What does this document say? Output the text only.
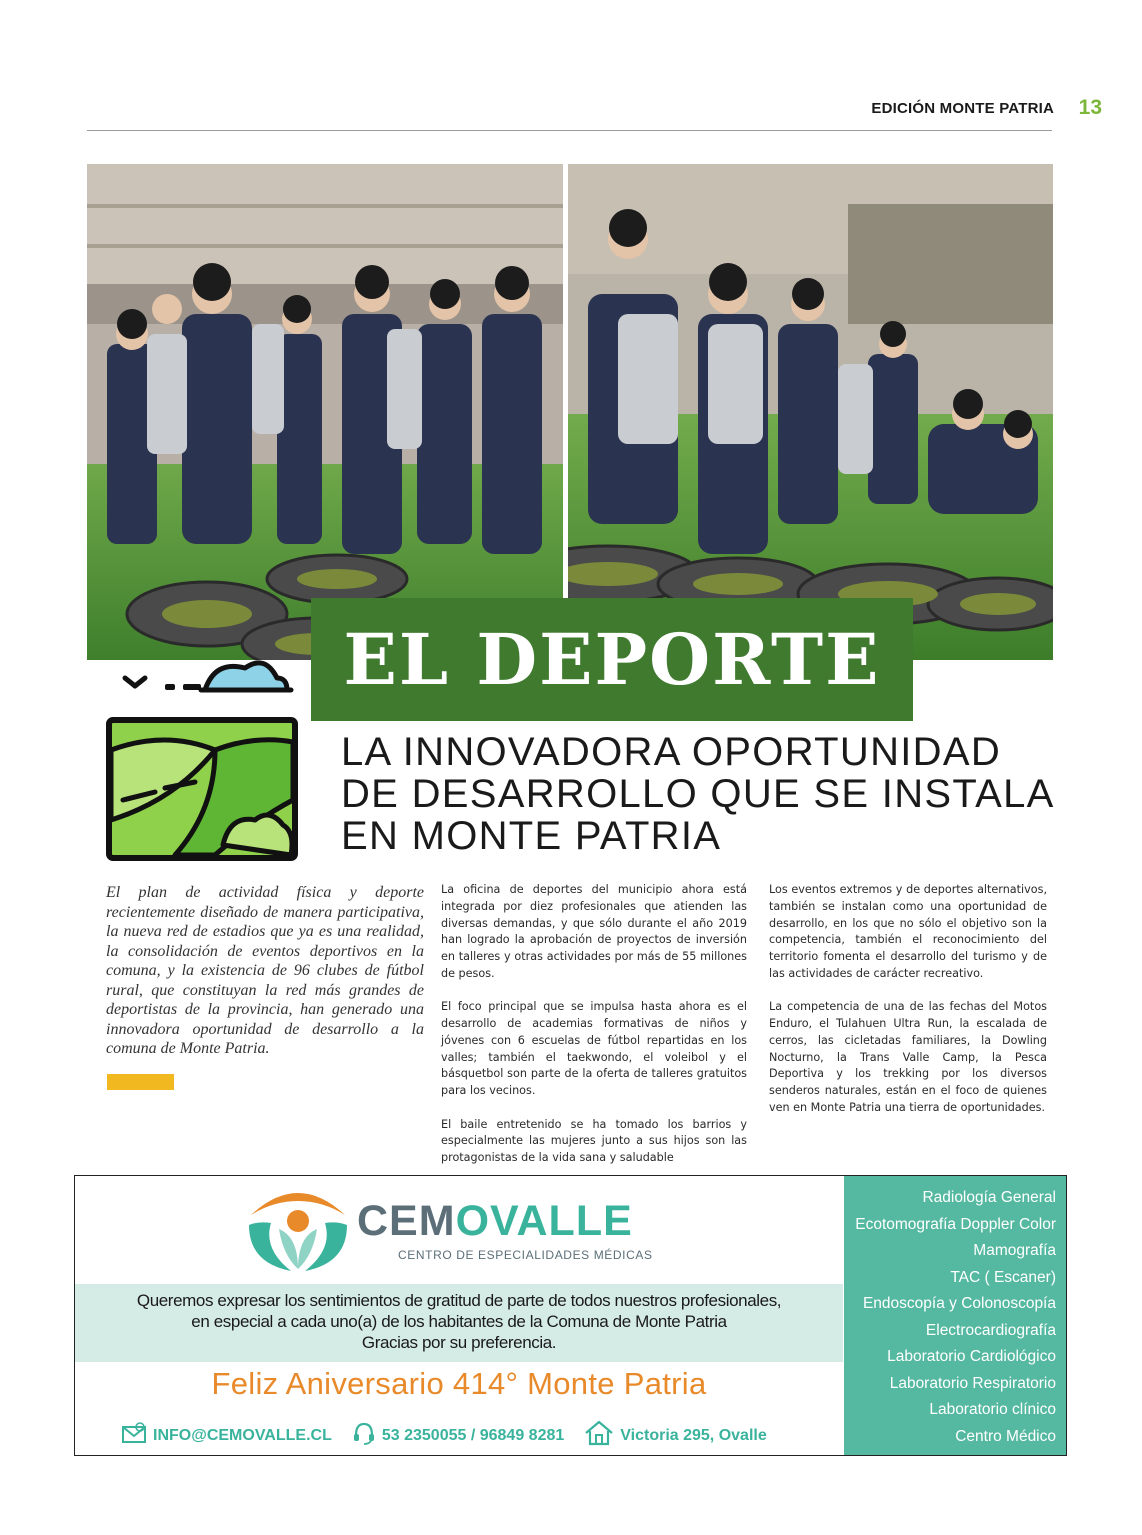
EDICIÓN MONTE PATRIA 13
EL DEPORTE
LA INNOVADORA OPORTUNIDAD
DE DESARROLLO QUE SE INSTALA
EN MONTE PATRIA
El plan de actividad física y deporte recientemente diseñado de manera participativa, la nueva red de estadios que ya es una realidad, la consolidación de eventos deportivos en la comuna, y la existencia de 96 clubes de fútbol rural, que constituyan la red más grandes de deportistas de la provincia, han generado una innovadora oportunidad de desarrollo a la comuna de Monte Patria.

La oficina de deportes del municipio ahora está integrada por diez profesionales que atienden las diversas demandas, y que sólo durante el año 2019 han logrado la aprobación de proyectos de inversión en talleres y otras actividades por más de 55 millones de pesos.

El foco principal que se impulsa hasta ahora es el desarrollo de academias formativas de niños y jóvenes con 6 escuelas de fútbol repartidas en los valles; también el taekwondo, el voleibol y el básquetbol son parte de la oferta de talleres gratuitos para los vecinos.

El baile entretenido se ha tomado los barrios y especialmente las mujeres junto a sus hijos son las protagonistas de la vida sana y saludable

Los eventos extremos y de deportes alternativos, también se instalan como una oportunidad de desarrollo, en los que no sólo el objetivo son la competencia, también el reconocimiento del territorio fomenta el desarrollo del turismo y de las actividades de carácter recreativo.

La competencia de una de las fechas del Motos Enduro, el Tulahuen Ultra Run, la escalada de cerros, las cicletadas familiares, la Dowling Nocturno, la Trans Valle Camp, la Pesca Deportiva y los trekking por los diversos senderos naturales, están en el foco de quienes ven en Monte Patria una tierra de oportunidades.

CEMOVALLE
CENTRO DE ESPECIALIDADES MÉDICAS
Queremos expresar los sentimientos de gratitud de parte de todos nuestros profesionales,
en especial a cada uno(a) de los habitantes de la Comuna de Monte Patria
Gracias por su preferencia.
Feliz Aniversario 414° Monte Patria
INFO@CEMOVALLE.CL	53 2350055 / 96849 8281	Victoria 295, Ovalle
Radiología General
Ecotomografía Doppler Color
Mamografía
TAC ( Escaner)
Endoscopía y Colonoscopía
Electrocardiografía
Laboratorio Cardiológico
Laboratorio Respiratorio
Laboratorio clínico
Centro Médico
